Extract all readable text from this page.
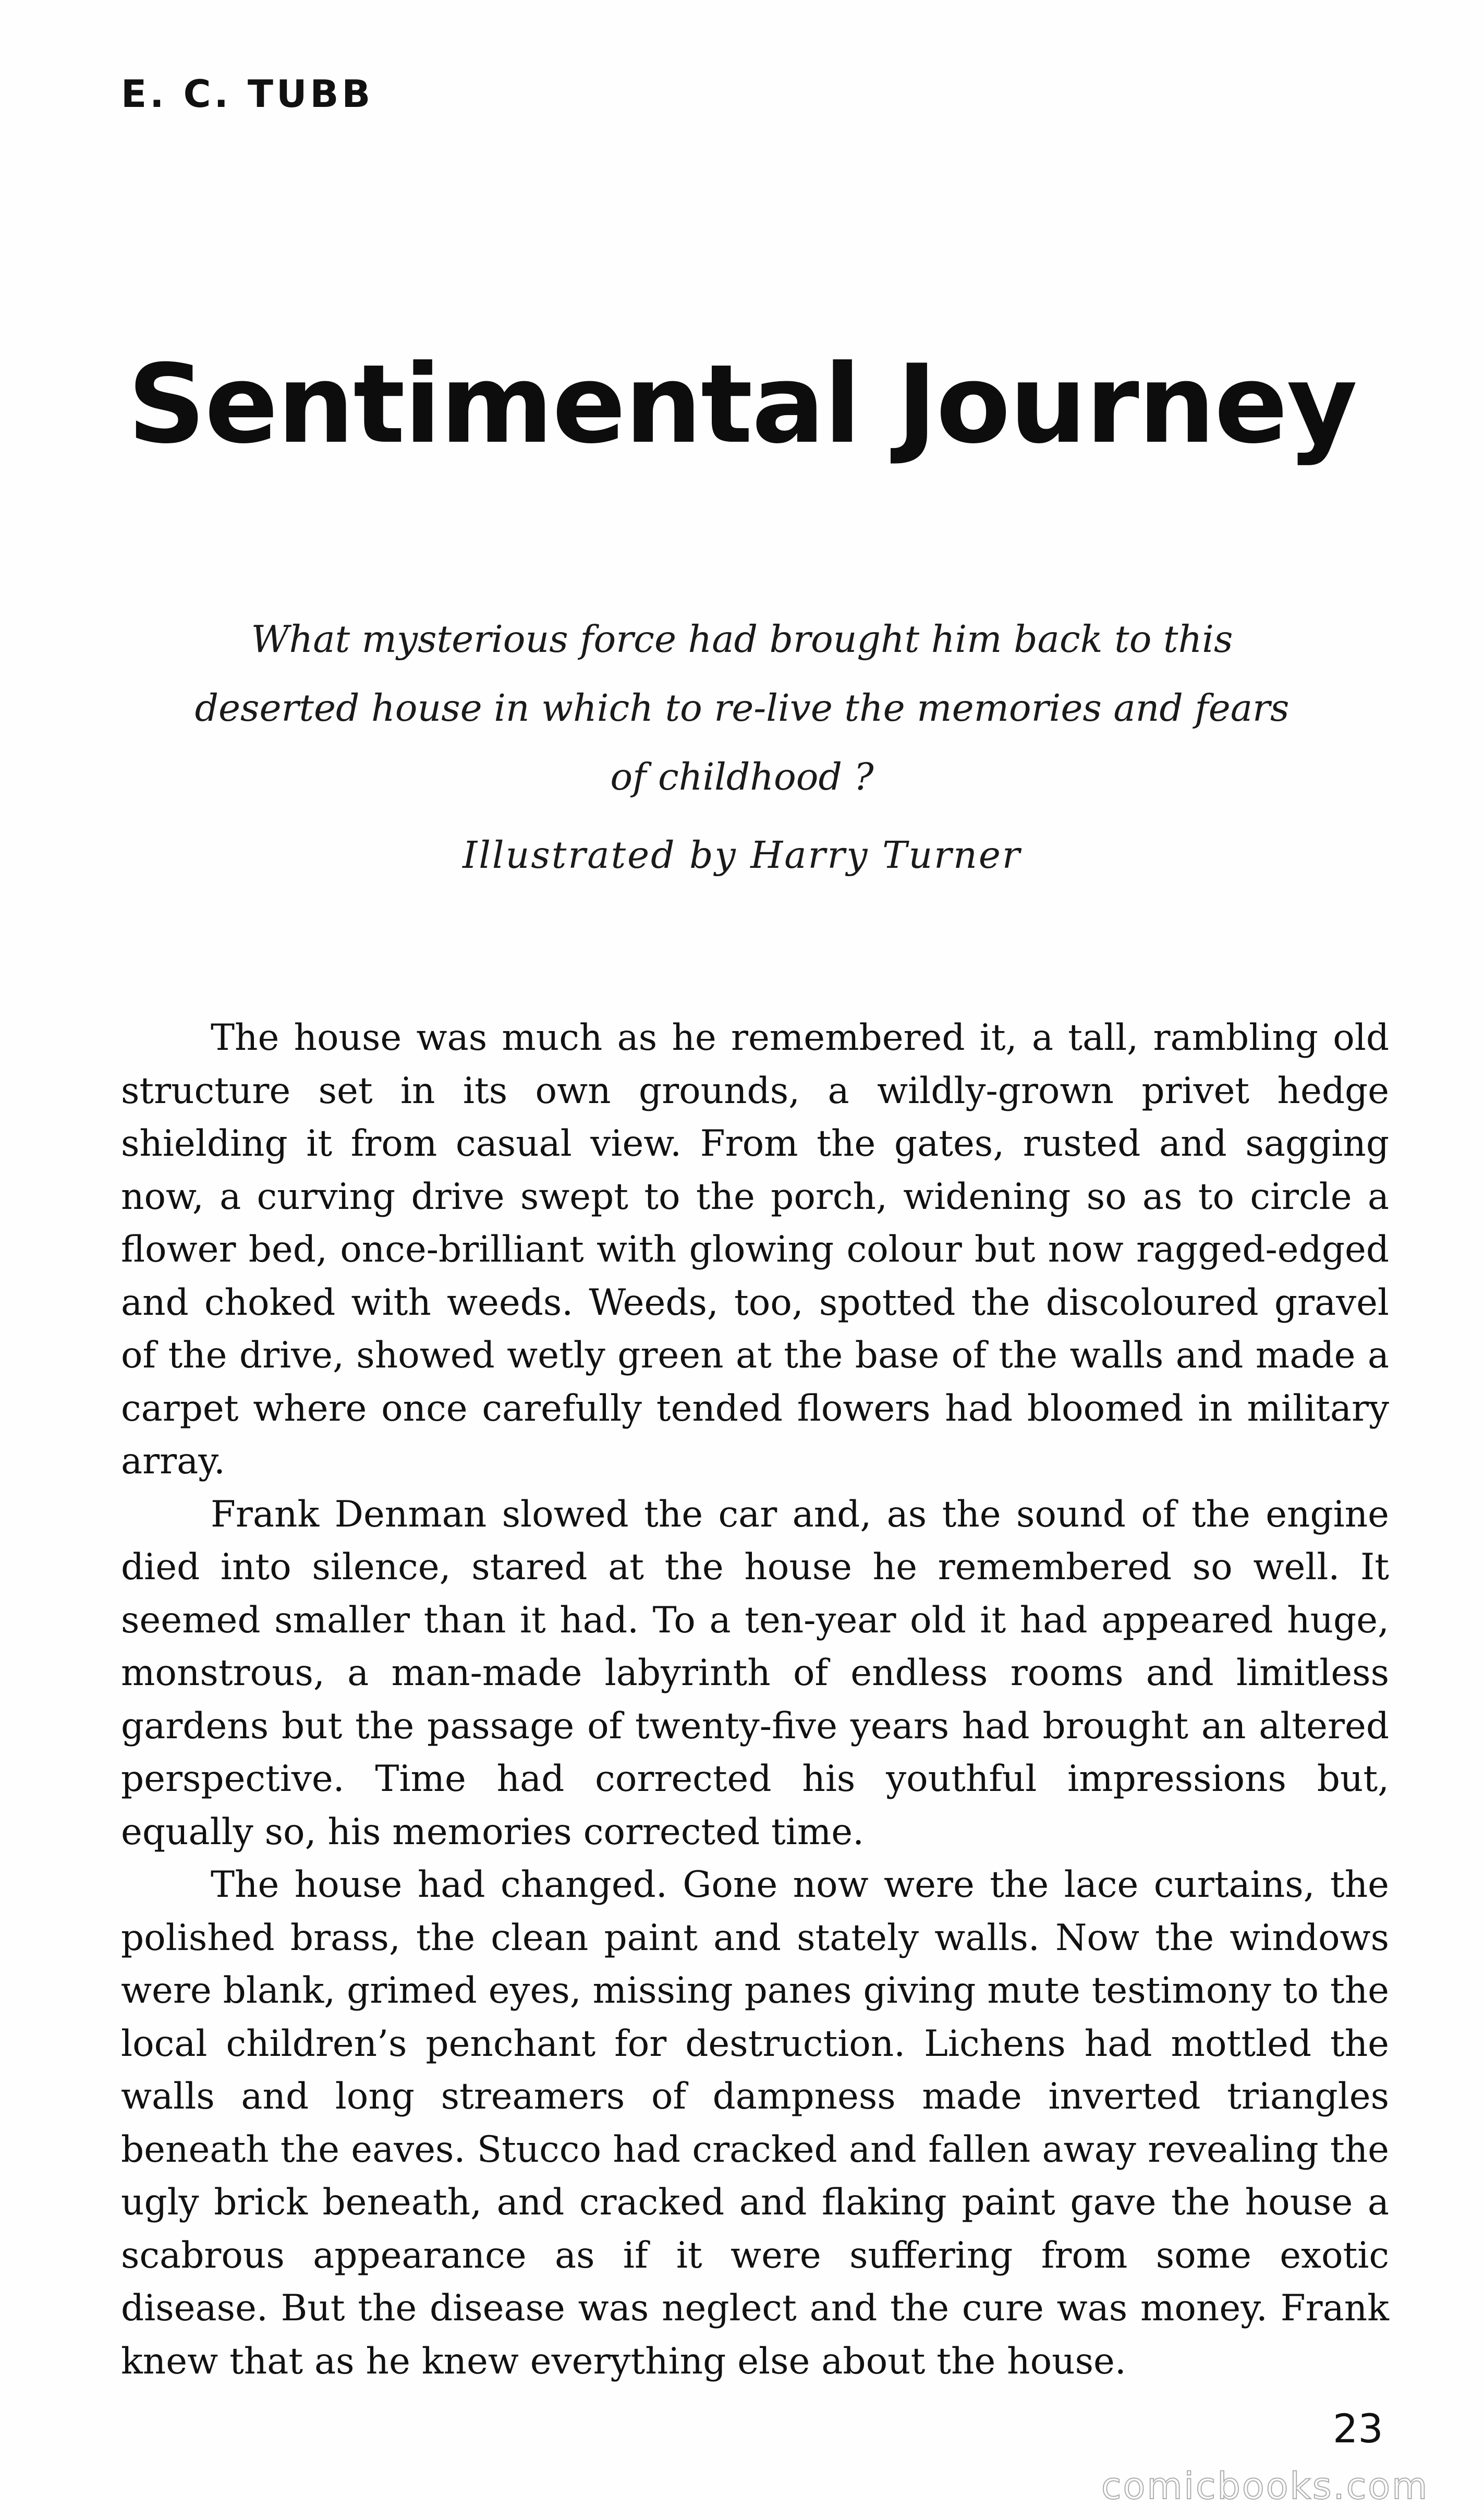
E. C. TUBB
Sentimental Journey
What mysterious force had brought him back to this deserted house in which to re-live the memories and fears of childhood ?
Illustrated by Harry Turner

The house was much as he remembered it, a tall, rambling old structure set in its own grounds, a wildly-grown privet hedge shielding it from casual view. From the gates, rusted and sagging now, a curving drive swept to the porch, widening so as to circle a flower bed, once-brilliant with glowing colour but now ragged-edged and choked with weeds. Weeds, too, spotted the discoloured gravel of the drive, showed wetly green at the base of the walls and made a carpet where once carefully tended flowers had bloomed in military array.

Frank Denman slowed the car and, as the sound of the engine died into silence, stared at the house he remembered so well. It seemed smaller than it had. To a ten-year old it had appeared huge, monstrous, a man-made labyrinth of endless rooms and limitless gardens but the passage of twenty-five years had brought an altered perspective. Time had corrected his youthful impressions but, equally so, his memories corrected time.

The house had changed. Gone now were the lace curtains, the polished brass, the clean paint and stately walls. Now the windows were blank, grimed eyes, missing panes giving mute testimony to the local children’s penchant for destruction. Lichens had mottled the walls and long streamers of dampness made inverted triangles beneath the eaves. Stucco had cracked and fallen away revealing the ugly brick beneath, and cracked and flaking paint gave the house a scabrous appearance as if it were suffering from some exotic disease. But the disease was neglect and the cure was money. Frank knew that as he knew everything else about the house.

23
comicbooks.com
